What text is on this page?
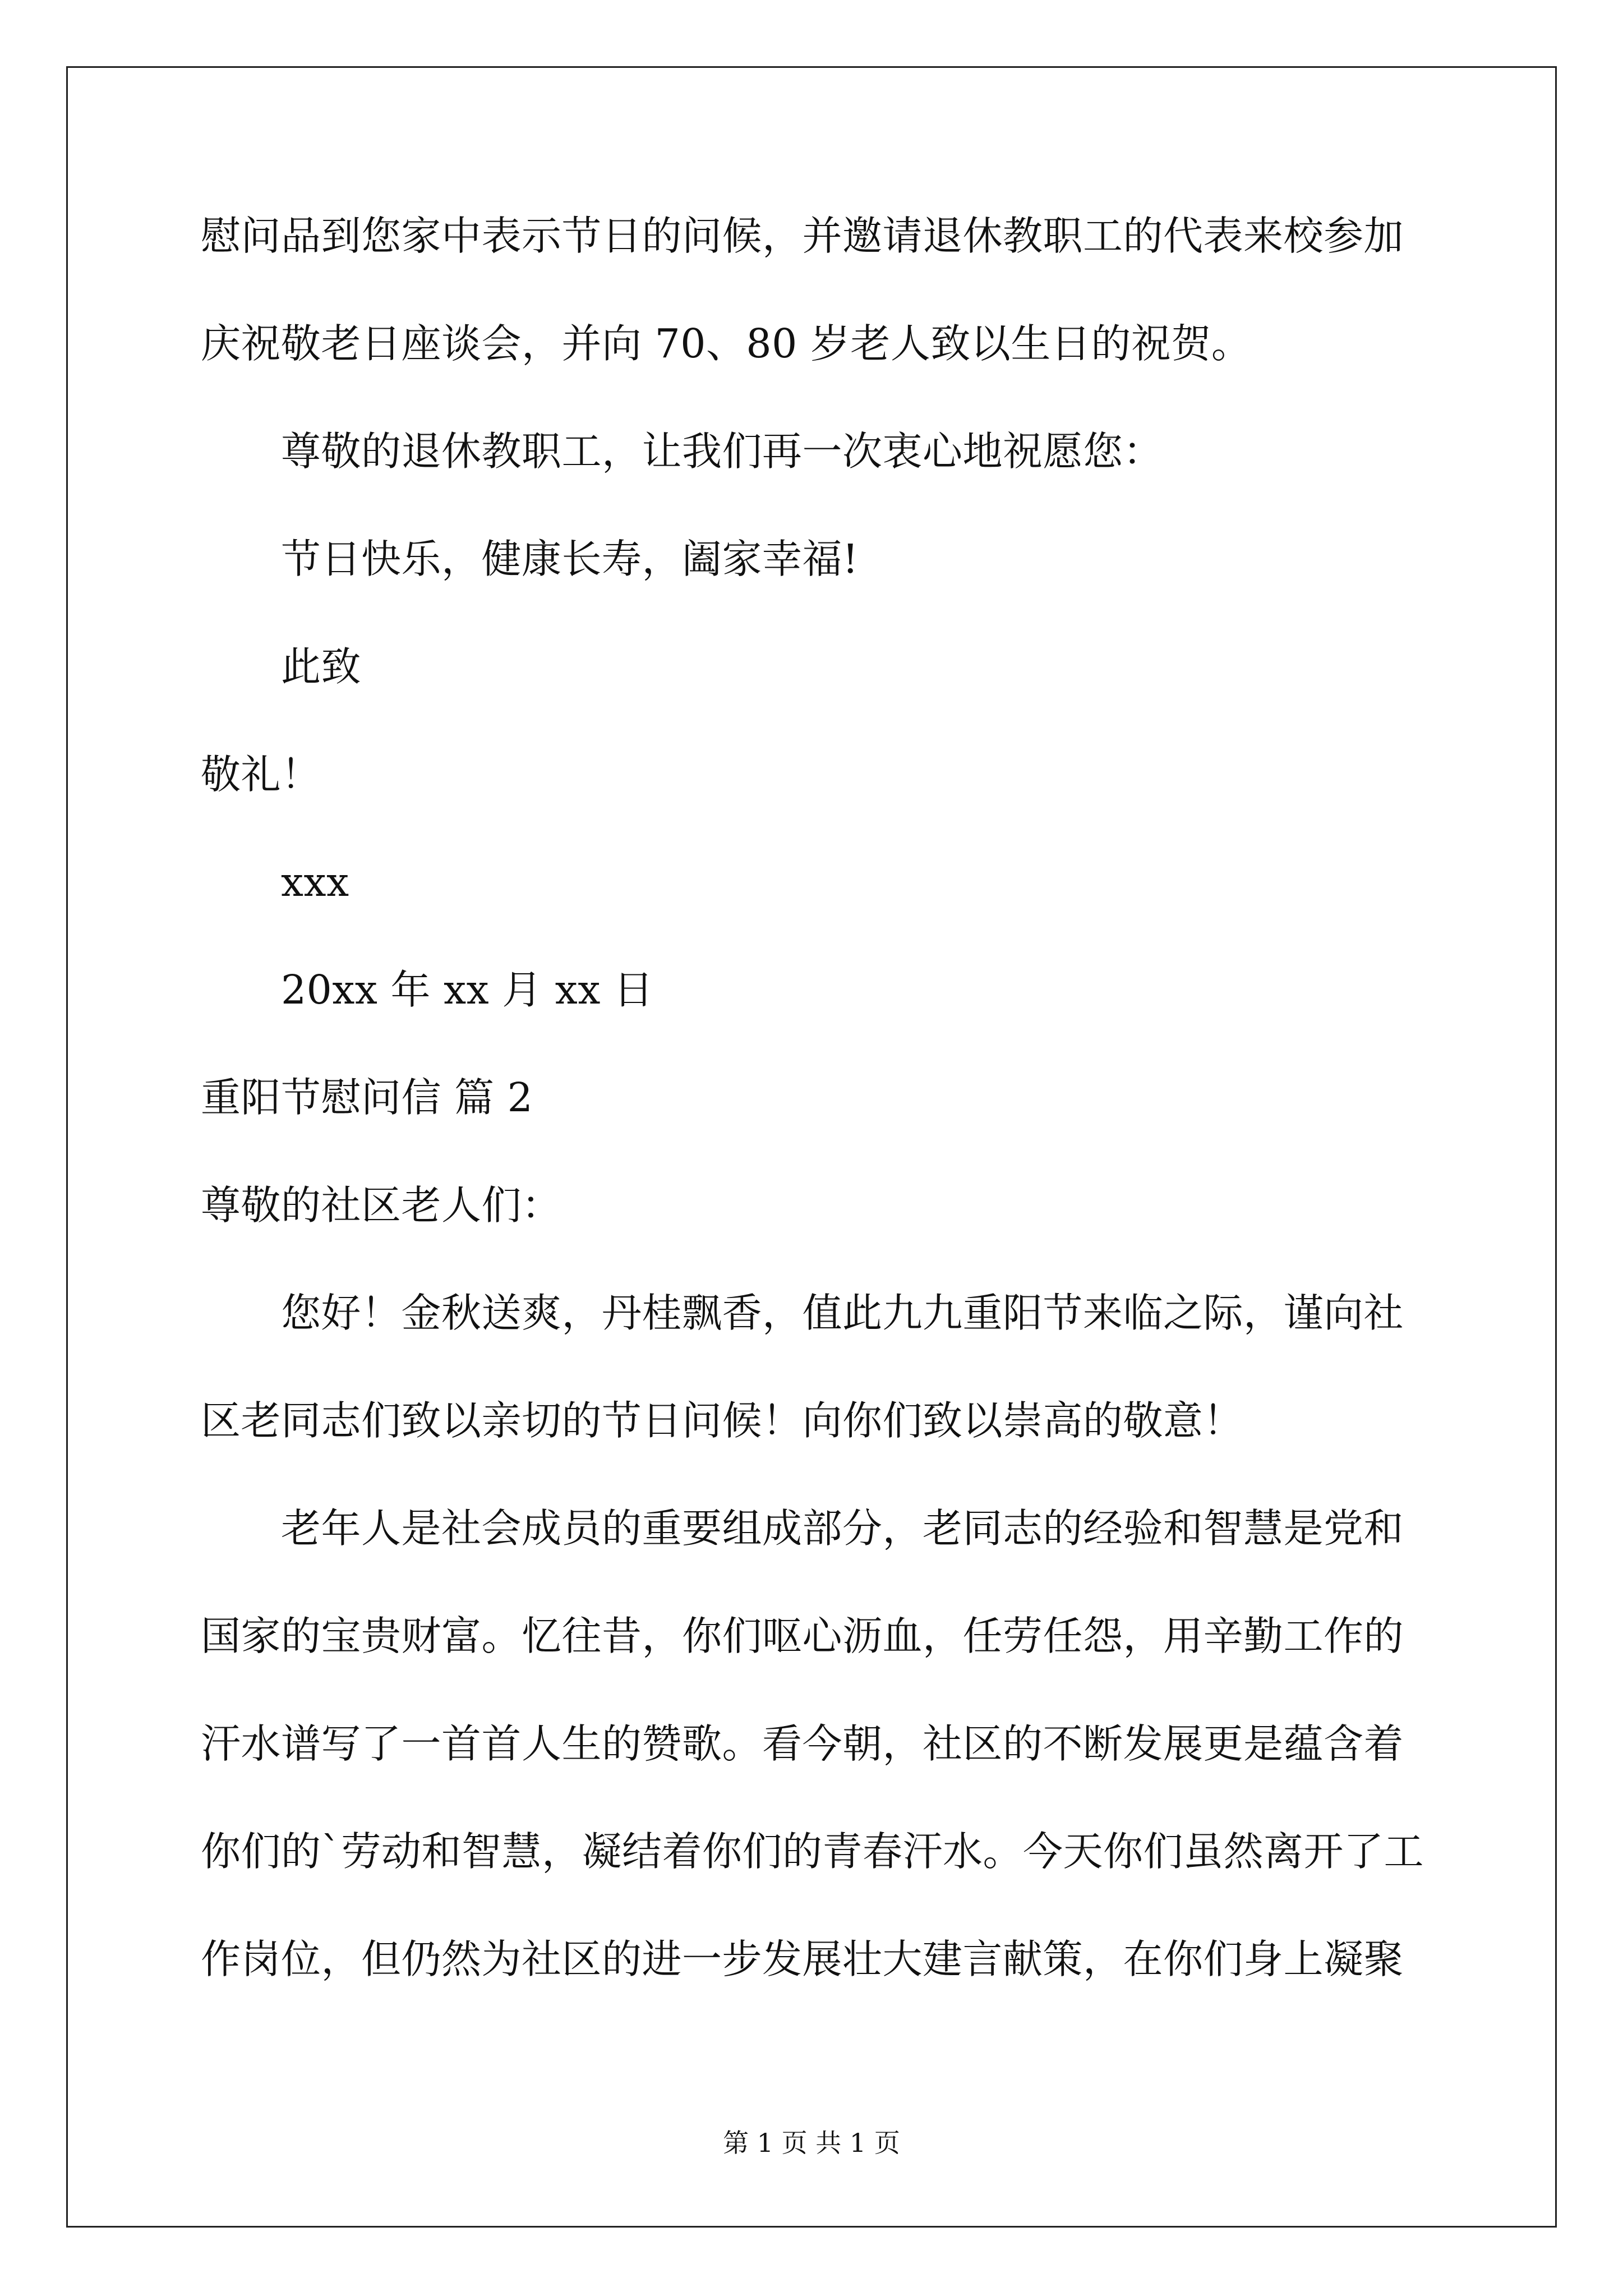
慰问品到您家中表示节日的问候，并邀请退休教职工的代表来校参加
庆祝敬老日座谈会，并向 70、80 岁老人致以生日的祝贺。
尊敬的退休教职工，让我们再一次衷心地祝愿您：
节日快乐，健康长寿，阖家幸福!
此致
敬礼！
xxx
20xx 年 xx 月 xx 日
重阳节慰问信 篇 2
尊敬的社区老人们：
您好！金秋送爽，丹桂飘香，值此九九重阳节来临之际，谨向社
区老同志们致以亲切的节日问候！向你们致以崇高的敬意！
老年人是社会成员的重要组成部分，老同志的经验和智慧是党和
国家的宝贵财富。忆往昔，你们呕心沥血，任劳任怨，用辛勤工作的
汗水谱写了一首首人生的赞歌。看今朝，社区的不断发展更是蕴含着
你们的`劳动和智慧，凝结着你们的青春汗水。今天你们虽然离开了工
作岗位，但仍然为社区的进一步发展壮大建言献策，在你们身上凝聚
第 1 页 共 1 页
